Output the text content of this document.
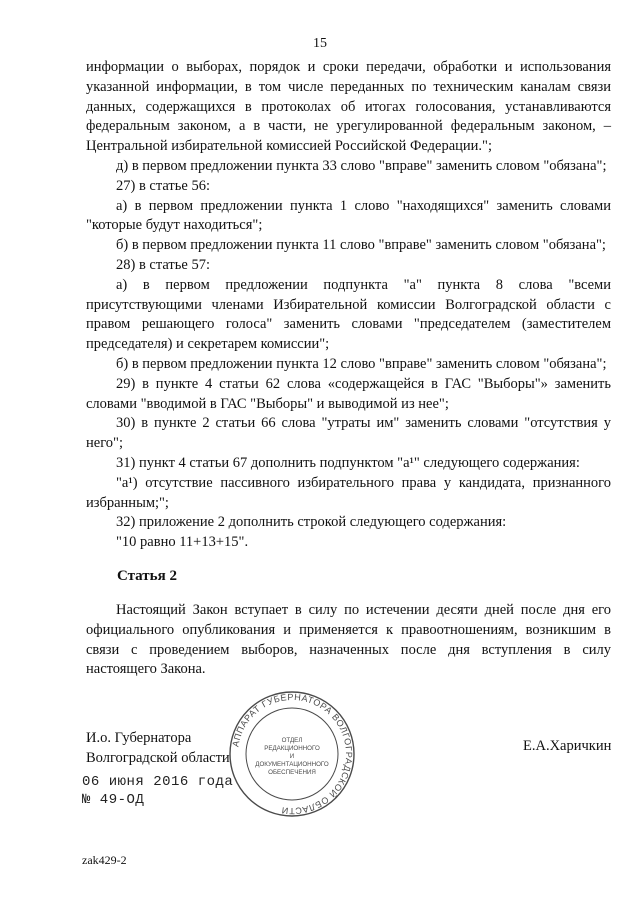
15

информации о выборах, порядок и сроки передачи, обработки и использования указанной информации, в том числе переданных по техническим каналам связи данных, содержащихся в протоколах об итогах голосования, устанавливаются федеральным законом, а в части, не урегулированной федеральным законом, – Центральной избирательной комиссией Российской Федерации.";

д) в первом предложении пункта 33 слово "вправе" заменить словом "обязана";

27) в статье 56:

а) в первом предложении пункта 1 слово "находящихся" заменить словами "которые будут находиться";

б) в первом предложении пункта 11 слово "вправе" заменить словом "обязана";

28) в статье 57:

а) в первом предложении подпункта "а" пункта 8 слова "всеми присутствующими членами Избирательной комиссии Волгоградской области с правом решающего голоса" заменить словами "председателем (заместителем председателя) и секретарем комиссии";

б) в первом предложении пункта 12 слово "вправе" заменить словом "обязана";

29) в пункте 4 статьи 62 слова «содержащейся в ГАС "Выборы"» заменить словами "вводимой в ГАС "Выборы" и выводимой из нее";

30) в пункте 2 статьи 66 слова "утраты им" заменить словами "отсутствия у него";

31) пункт 4 статьи 67 дополнить подпунктом "а¹" следующего содержания:

"а¹) отсутствие пассивного избирательного права у кандидата, признанного избранным;";

32) приложение 2 дополнить строкой следующего содержания:

"10 равно 11+13+15".

Статья 2

Настоящий Закон вступает в силу по истечении десяти дней после дня его официального опубликования и применяется к правоотношениям, возникшим в связи с проведением выборов, назначенных после дня вступления в силу настоящего Закона.

И.о. Губернатора
Волгоградской области
Е.А.Харичкин
06 июня 2016 года
№ 49-ОД
zak429-2
АППАРАТ ГУБЕРНАТОРА ВОЛГОГРАДСКОЙ ОБЛАСТИ
ОТДЕЛ РЕДАКЦИОННОГО И ДОКУМЕНТАЦИОННОГО ОБЕСПЕЧЕНИЯ
